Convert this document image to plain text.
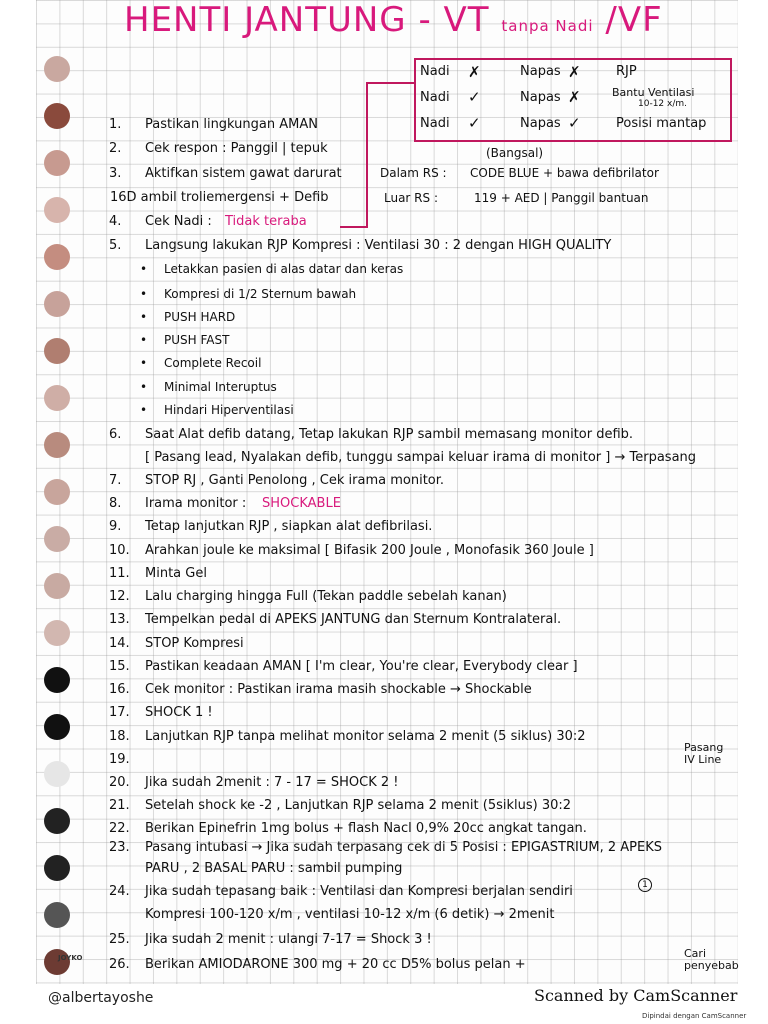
HENTI JANTUNG - VT tanpa Nadi /VF
Nadi ✗	Napas ✗	RJP
Nadi ✓	Napas ✗	Bantu Ventilasi
10-12 x/m.
Nadi ✓	Napas ✓	Posisi mantap
(Bangsal)
Dalam RS : CODE BLUE + bawa defibrilator
Luar RS :	119 + AED | Panggil bantuan
1. Pastikan lingkungan AMAN
2. Cek respon : Panggil | tepuk
3. Aktifkan sistem gawat darurat
16D ambil troliemergensi + Defib
4. Cek Nadi : Tidak teraba
5. Langsung lakukan RJP Kompresi : Ventilasi 30 : 2 dengan HIGH QUALITY
• Letakkan pasien di alas datar dan keras
• Kompresi di 1/2 Sternum bawah
• PUSH HARD
• PUSH FAST
• Complete Recoil
• Minimal Interuptus
• Hindari Hiperventilasi
6. Saat Alat defib datang, Tetap lakukan RJP sambil memasang monitor defib.
[ Pasang lead, Nyalakan defib, tunggu sampai keluar irama di monitor ] → Terpasang
7. STOP RJ , Ganti Penolong , Cek irama monitor.
8. Irama monitor : SHOCKABLE
9. Tetap lanjutkan RJP , siapkan alat defibrilasi.
10. Arahkan joule ke maksimal [ Bifasik 200 Joule , Monofasik 360 Joule ]
11. Minta Gel
12. Lalu charging hingga Full (Tekan paddle sebelah kanan)
13. Tempelkan pedal di APEKS JANTUNG dan Sternum Kontralateral.
14. STOP Kompresi
15. Pastikan keadaan AMAN [ I'm clear, You're clear, Everybody clear ]
16. Cek monitor : Pastikan irama masih shockable → Shockable
17. SHOCK 1 !
18. Lanjutkan RJP tanpa melihat monitor selama 2 menit (5 siklus) 30:2
19.
20. Jika sudah 2menit : 7 - 17 = SHOCK 2 !
21. Setelah shock ke -2 , Lanjutkan RJP selama 2 menit (5siklus) 30:2
22. Berikan Epinefrin 1mg bolus + flash Nacl 0,9% 20cc angkat tangan.
23. Pasang intubasi → Jika sudah terpasang cek di 5 Posisi : EPIGASTRIUM, 2 APEKS
PARU , 2 BASAL PARU : sambil pumping
24. Jika sudah tepasang baik : Ventilasi dan Kompresi berjalan sendiri
Kompresi 100-120 x/m , ventilasi 10-12 x/m (6 detik) → 2menit
25. Jika sudah 2 menit : ulangi 7-17 = Shock 3 !
26. Berikan AMIODARONE 300 mg + 20 cc D5% bolus pelan +
Pasang IV Line
Cari penyebab
1
JOYKO
@albertayoshe	Scanned by CamScanner
Dipindai dengan CamScanner
